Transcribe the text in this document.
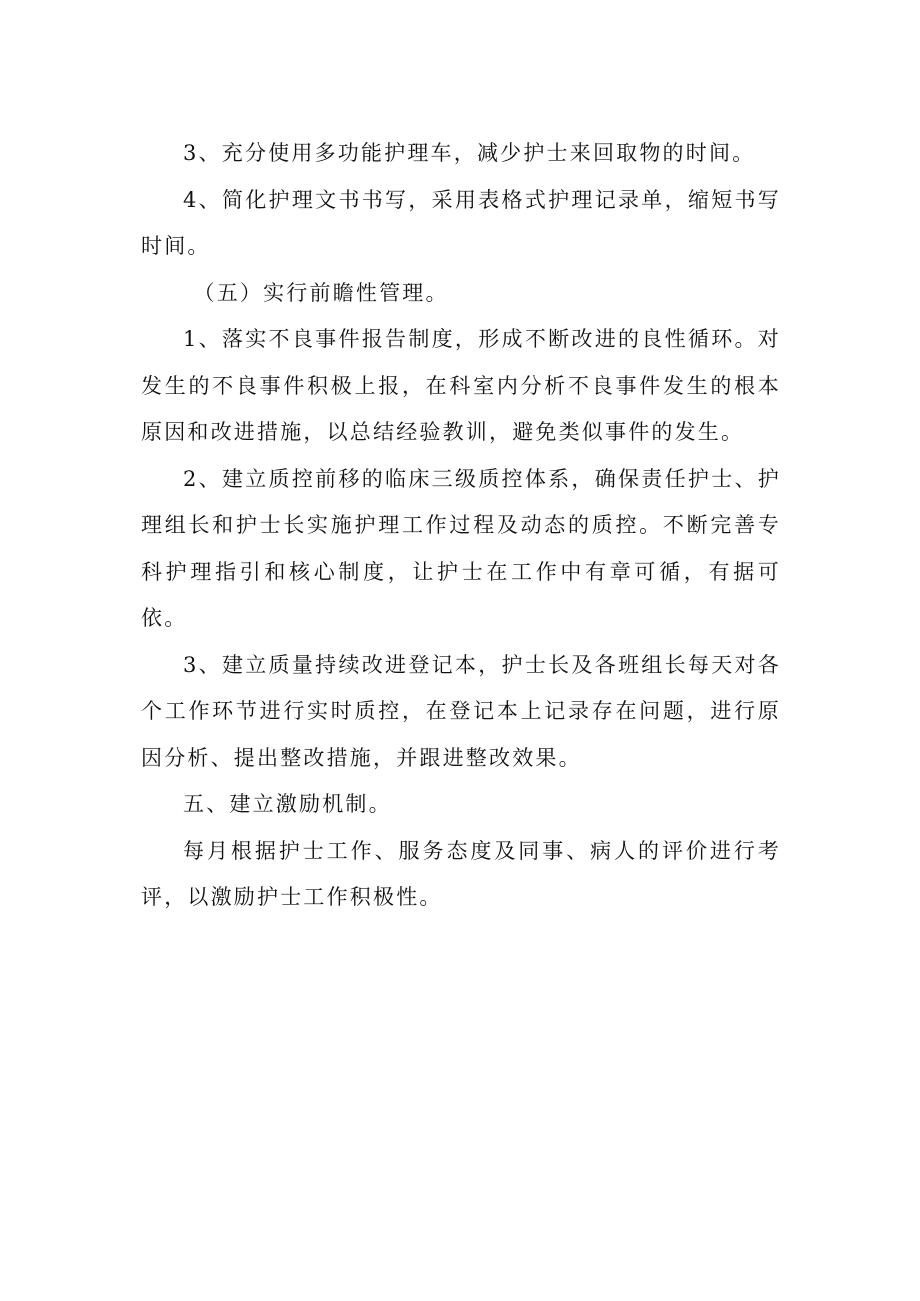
3、充分使用多功能护理车，减少护士来回取物的时间。

4、简化护理文书书写，采用表格式护理记录单，缩短书写时间。

（五）实行前瞻性管理。

1、落实不良事件报告制度，形成不断改进的良性循环。对发生的不良事件积极上报，在科室内分析不良事件发生的根本原因和改进措施，以总结经验教训，避免类似事件的发生。

2、建立质控前移的临床三级质控体系，确保责任护士、护理组长和护士长实施护理工作过程及动态的质控。不断完善专科护理指引和核心制度，让护士在工作中有章可循，有据可依。

3、建立质量持续改进登记本，护士长及各班组长每天对各个工作环节进行实时质控，在登记本上记录存在问题，进行原因分析、提出整改措施，并跟进整改效果。

五、建立激励机制。

每月根据护士工作、服务态度及同事、病人的评价进行考评，以激励护士工作积极性。
